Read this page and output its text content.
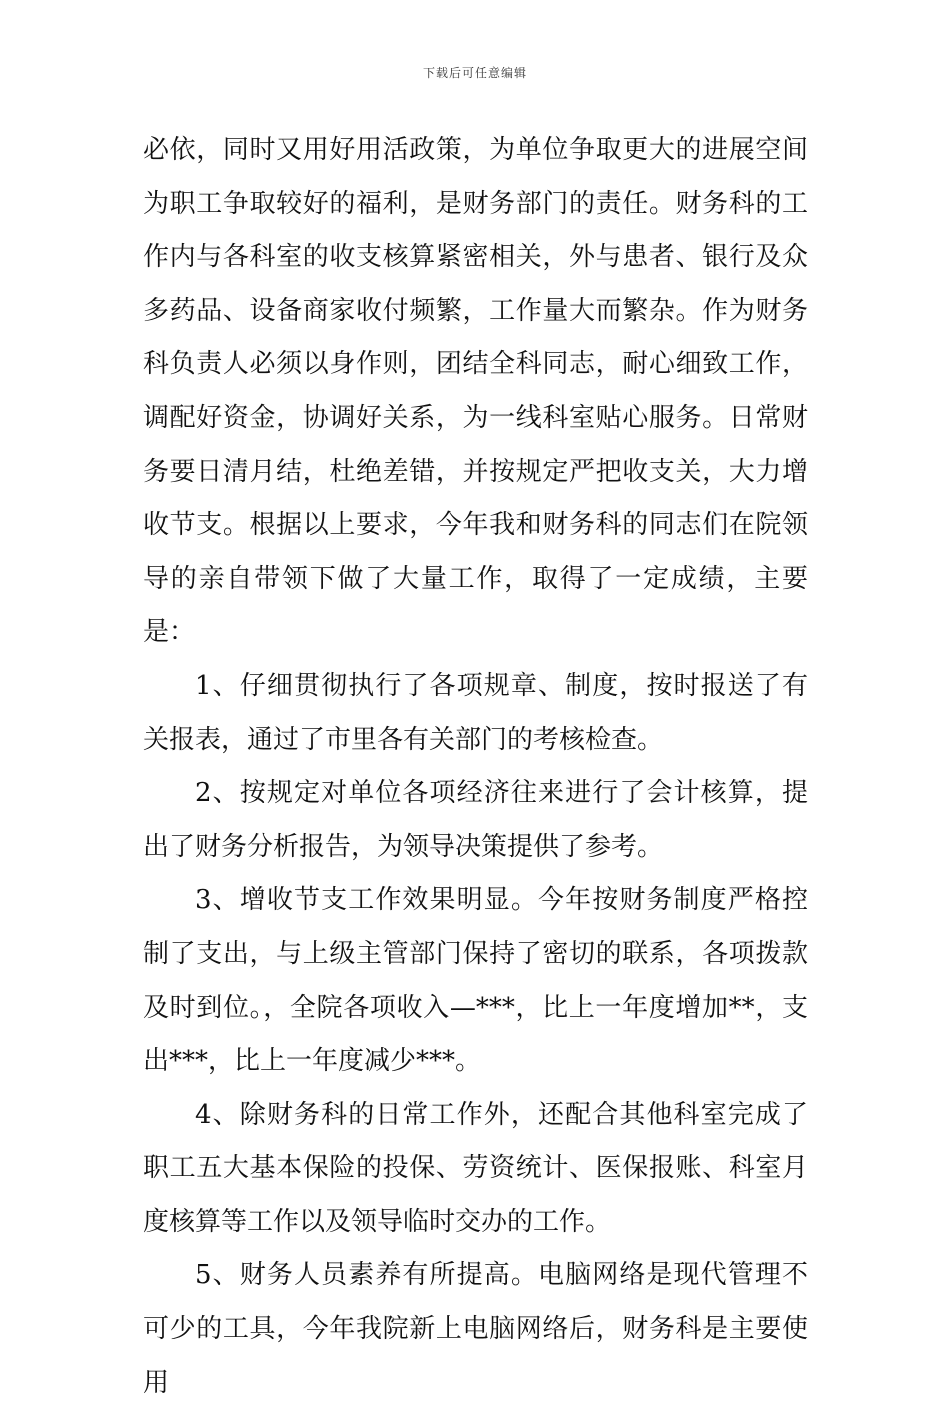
下载后可任意编辑

必依，同时又用好用活政策，为单位争取更大的进展空间为职工争取较好的福利，是财务部门的责任。财务科的工作内与各科室的收支核算紧密相关，外与患者、银行及众多药品、设备商家收付频繁，工作量大而繁杂。作为财务科负责人必须以身作则，团结全科同志，耐心细致工作，调配好资金，协调好关系，为一线科室贴心服务。日常财务要日清月结，杜绝差错，并按规定严把收支关，大力增收节支。根据以上要求，今年我和财务科的同志们在院领导的亲自带领下做了大量工作，取得了一定成绩，主要是：

1、仔细贯彻执行了各项规章、制度，按时报送了有关报表，通过了市里各有关部门的考核检查。

2、按规定对单位各项经济往来进行了会计核算，提出了财务分析报告，为领导决策提供了参考。

3、增收节支工作效果明显。今年按财务制度严格控制了支出，与上级主管部门保持了密切的联系，各项拨款及时到位。，全院各项收入—***，比上一年度增加**，支出***，比上一年度减少***。

4、除财务科的日常工作外，还配合其他科室完成了职工五大基本保险的投保、劳资统计、医保报账、科室月度核算等工作以及领导临时交办的工作。

5、财务人员素养有所提高。电脑网络是现代管理不可少的工具，今年我院新上电脑网络后，财务科是主要使用
